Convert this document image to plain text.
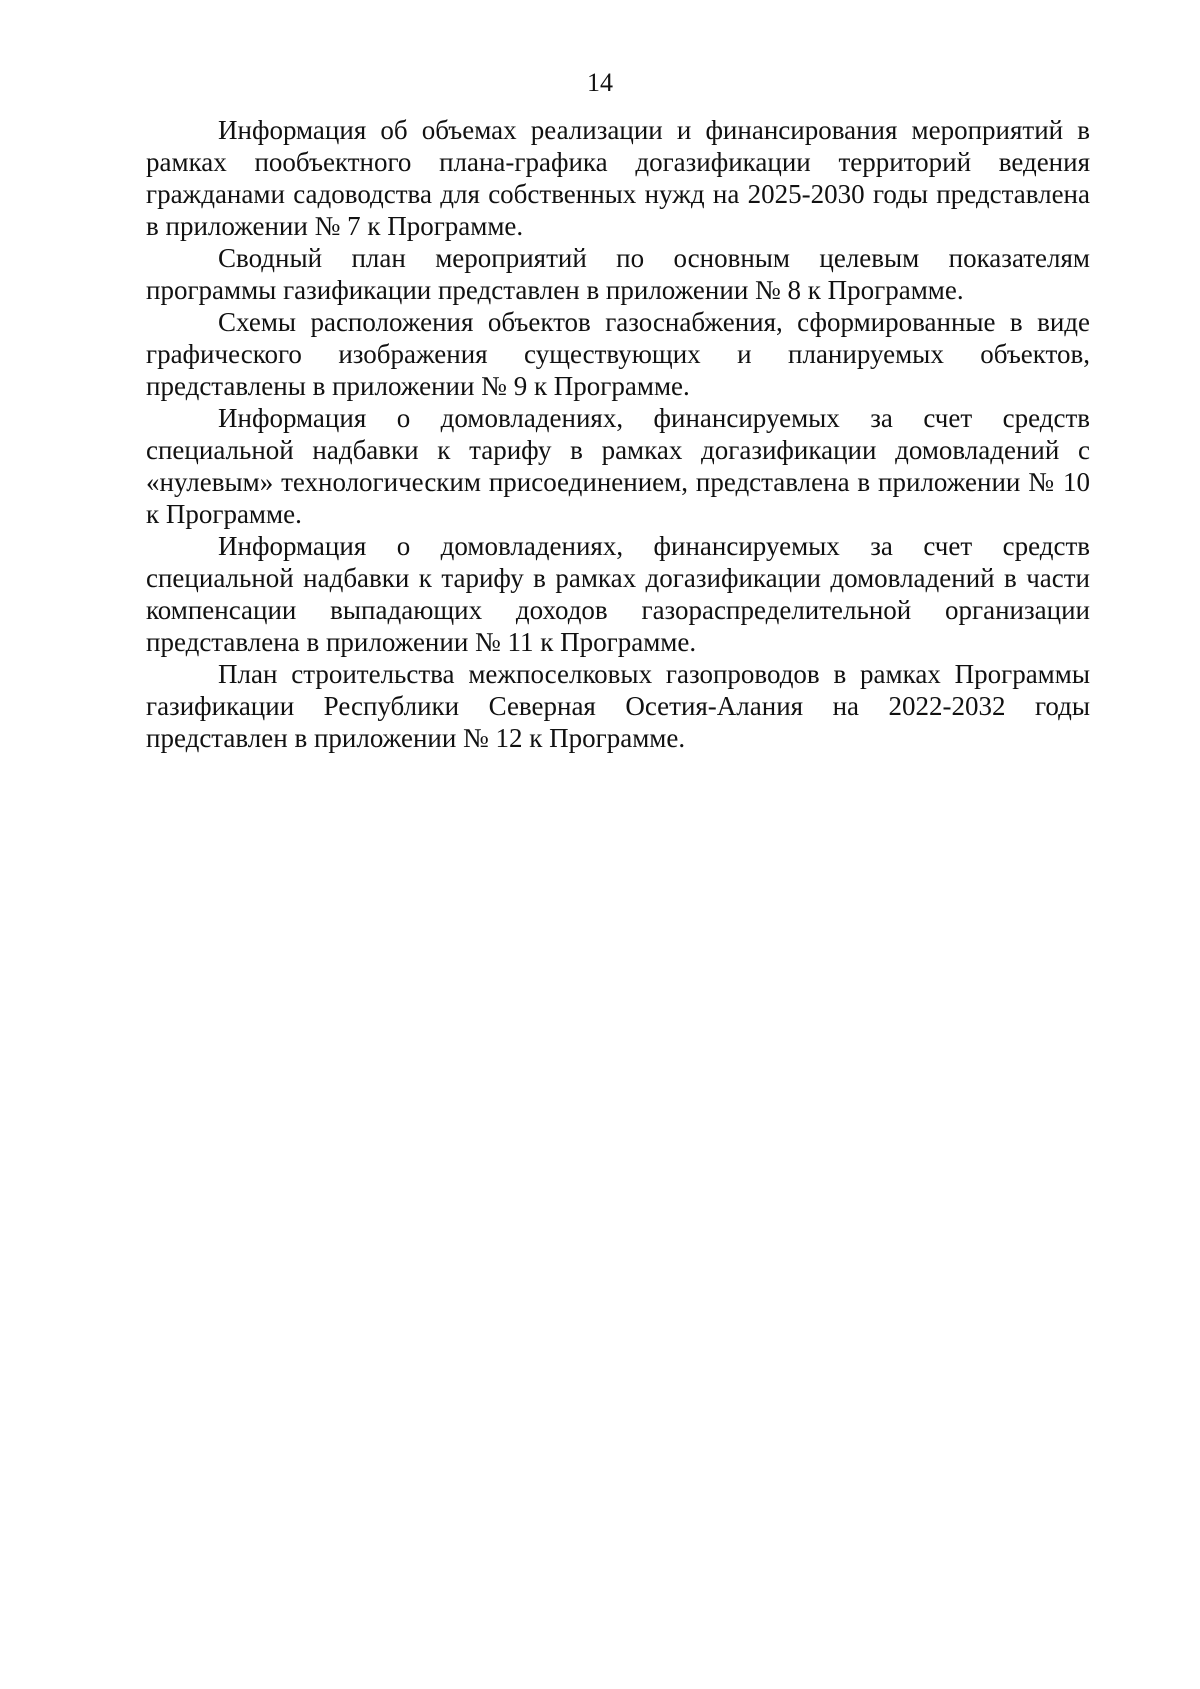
14

Информация об объемах реализации и финансирования мероприятий в рамках пообъектного плана-графика догазификации территорий ведения гражданами садоводства для собственных нужд на 2025-2030 годы представлена в приложении № 7 к Программе.

Сводный план мероприятий по основным целевым показателям программы газификации представлен в приложении № 8 к Программе.

Схемы расположения объектов газоснабжения, сформированные в виде графического изображения существующих и планируемых объектов, представлены в приложении № 9 к Программе.

Информация о домовладениях, финансируемых за счет средств специальной надбавки к тарифу в рамках догазификации домовладений с «нулевым» технологическим присоединением, представлена в приложении № 10 к Программе.

Информация о домовладениях, финансируемых за счет средств специальной надбавки к тарифу в рамках догазификации домовладений в части компенсации выпадающих доходов газораспределительной организации представлена в приложении № 11 к Программе.

План строительства межпоселковых газопроводов в рамках Программы газификации Республики Северная Осетия-Алания на 2022-2032 годы представлен в приложении № 12 к Программе.
